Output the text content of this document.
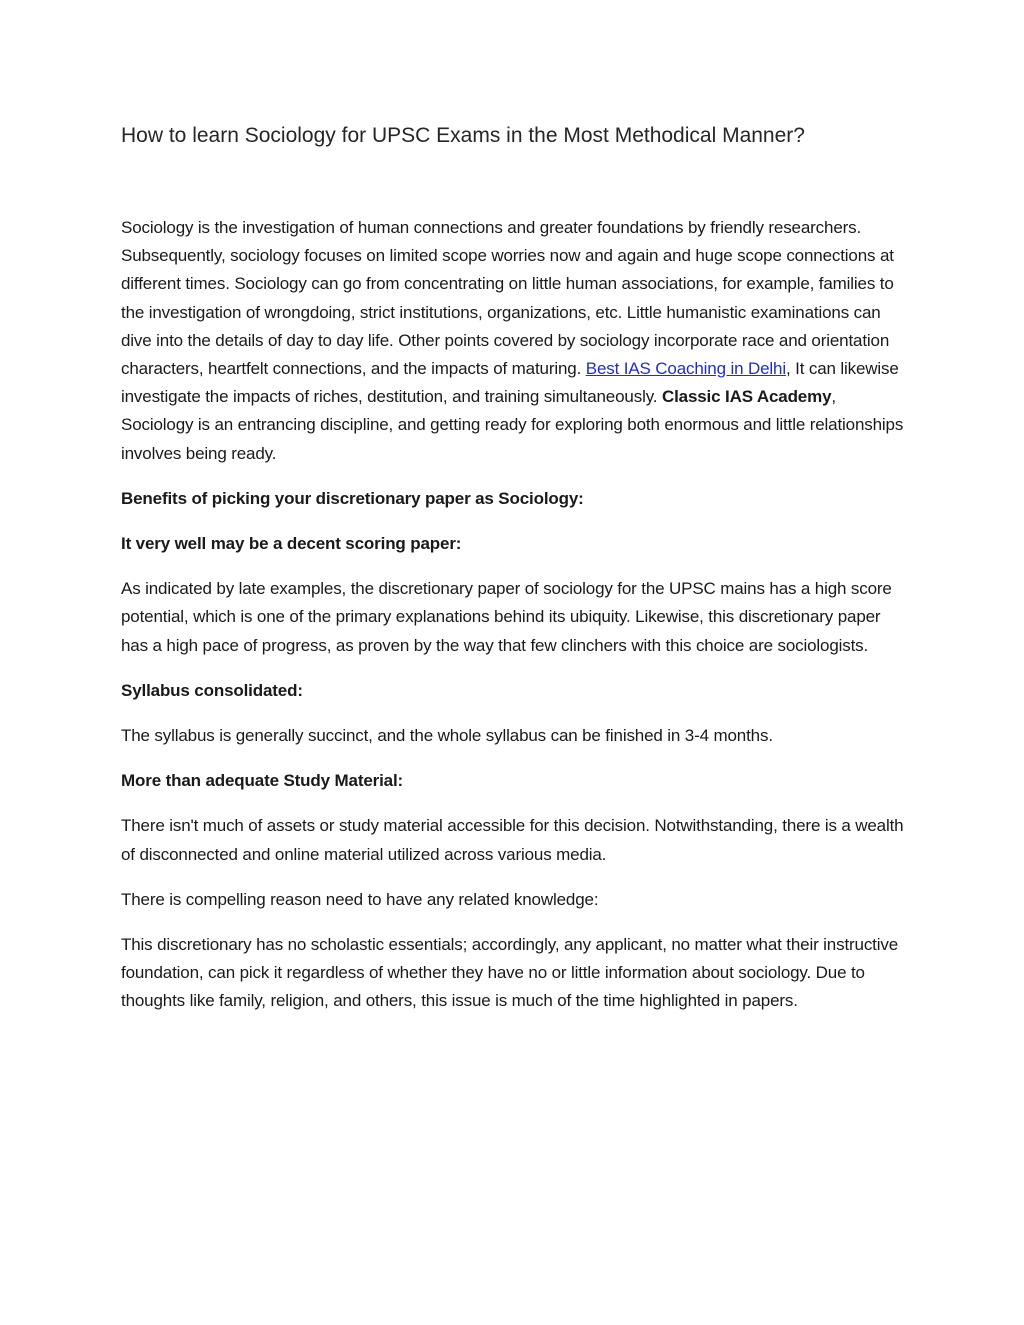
How to learn Sociology for UPSC Exams in the Most Methodical Manner?

Sociology is the investigation of human connections and greater foundations by friendly researchers. Subsequently, sociology focuses on limited scope worries now and again and huge scope connections at different times. Sociology can go from concentrating on little human associations, for example, families to the investigation of wrongdoing, strict institutions, organizations, etc. Little humanistic examinations can dive into the details of day to day life. Other points covered by sociology incorporate race and orientation characters, heartfelt connections, and the impacts of maturing. Best IAS Coaching in Delhi, It can likewise investigate the impacts of riches, destitution, and training simultaneously. Classic IAS Academy, Sociology is an entrancing discipline, and getting ready for exploring both enormous and little relationships involves being ready.

Benefits of picking your discretionary paper as Sociology:

It very well may be a decent scoring paper:

As indicated by late examples, the discretionary paper of sociology for the UPSC mains has a high score potential, which is one of the primary explanations behind its ubiquity. Likewise, this discretionary paper has a high pace of progress, as proven by the way that few clinchers with this choice are sociologists.

Syllabus consolidated:

The syllabus is generally succinct, and the whole syllabus can be finished in 3-4 months.

More than adequate Study Material:

There isn't much of assets or study material accessible for this decision. Notwithstanding, there is a wealth of disconnected and online material utilized across various media.

There is compelling reason need to have any related knowledge:

This discretionary has no scholastic essentials; accordingly, any applicant, no matter what their instructive foundation, can pick it regardless of whether they have no or little information about sociology. Due to thoughts like family, religion, and others, this issue is much of the time highlighted in papers.
